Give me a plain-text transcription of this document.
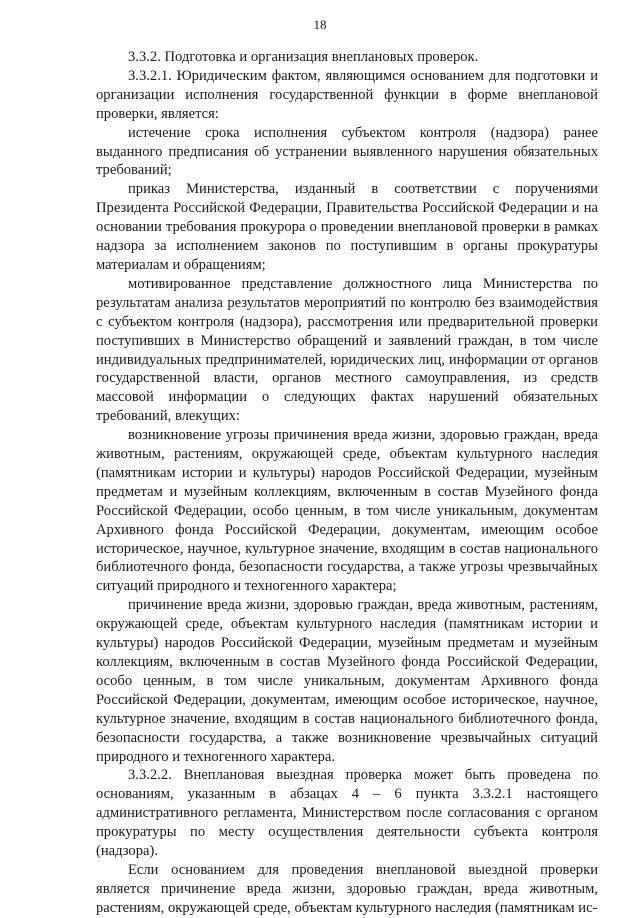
18

3.3.2. Подготовка и организация внеплановых проверок.

3.3.2.1. Юридическим фактом, являющимся основанием для подготовки и организации исполнения государственной функции в форме внеплановой проверки, является:

истечение срока исполнения субъектом контроля (надзора) ранее выданного предписания об устранении выявленного нарушения обязательных требований;

приказ Министерства, изданный в соответствии с поручениями Президента Российской Федерации, Правительства Российской Федерации и на основании требования прокурора о проведении внеплановой проверки в рамках надзора за исполнением законов по поступившим в органы прокуратуры материалам и обращениям;

мотивированное представление должностного лица Министерства по результатам анализа результатов мероприятий по контролю без взаимодействия с субъектом контроля (надзора), рассмотрения или предварительной проверки поступивших в Министерство обращений и заявлений граждан, в том числе индивидуальных предпринимателей, юридических лиц, информации от органов государственной власти, органов местного самоуправления, из средств массовой информации о следующих фактах нарушений обязательных требований, влекущих:

возникновение угрозы причинения вреда жизни, здоровью граждан, вреда животным, растениям, окружающей среде, объектам культурного наследия (памятникам истории и культуры) народов Российской Федерации, музейным предметам и музейным коллекциям, включенным в состав Музейного фонда Российской Федерации, особо ценным, в том числе уникальным, документам Архивного фонда Российской Федерации, документам, имеющим особое историческое, научное, культурное значение, входящим в состав национального библиотечного фонда, безопасности государства, а также угрозы чрезвычайных ситуаций природного и техногенного характера;

причинение вреда жизни, здоровью граждан, вреда животным, растениям, окружающей среде, объектам культурного наследия (памятникам истории и культуры) народов Российской Федерации, музейным предметам и музейным коллекциям, включенным в состав Музейного фонда Российской Федерации, особо ценным, в том числе уникальным, документам Архивного фонда Российской Федерации, документам, имеющим особое историческое, научное, культурное значение, входящим в состав национального библиотечного фонда, безопасности государства, а также возникновение чрезвычайных ситуаций природного и техногенного характера.

3.3.2.2. Внеплановая выездная проверка может быть проведена по основаниям, указанным в абзацах 4 – 6 пункта 3.3.2.1 настоящего административного регламента, Министерством после согласования с органом прокуратуры по месту осуществления деятельности субъекта контроля (надзора).

Если основанием для проведения внеплановой выездной проверки является причинение вреда жизни, здоровью граждан, вреда животным, растениям, окружающей среде, объектам культурного наследия (памятникам ис-
